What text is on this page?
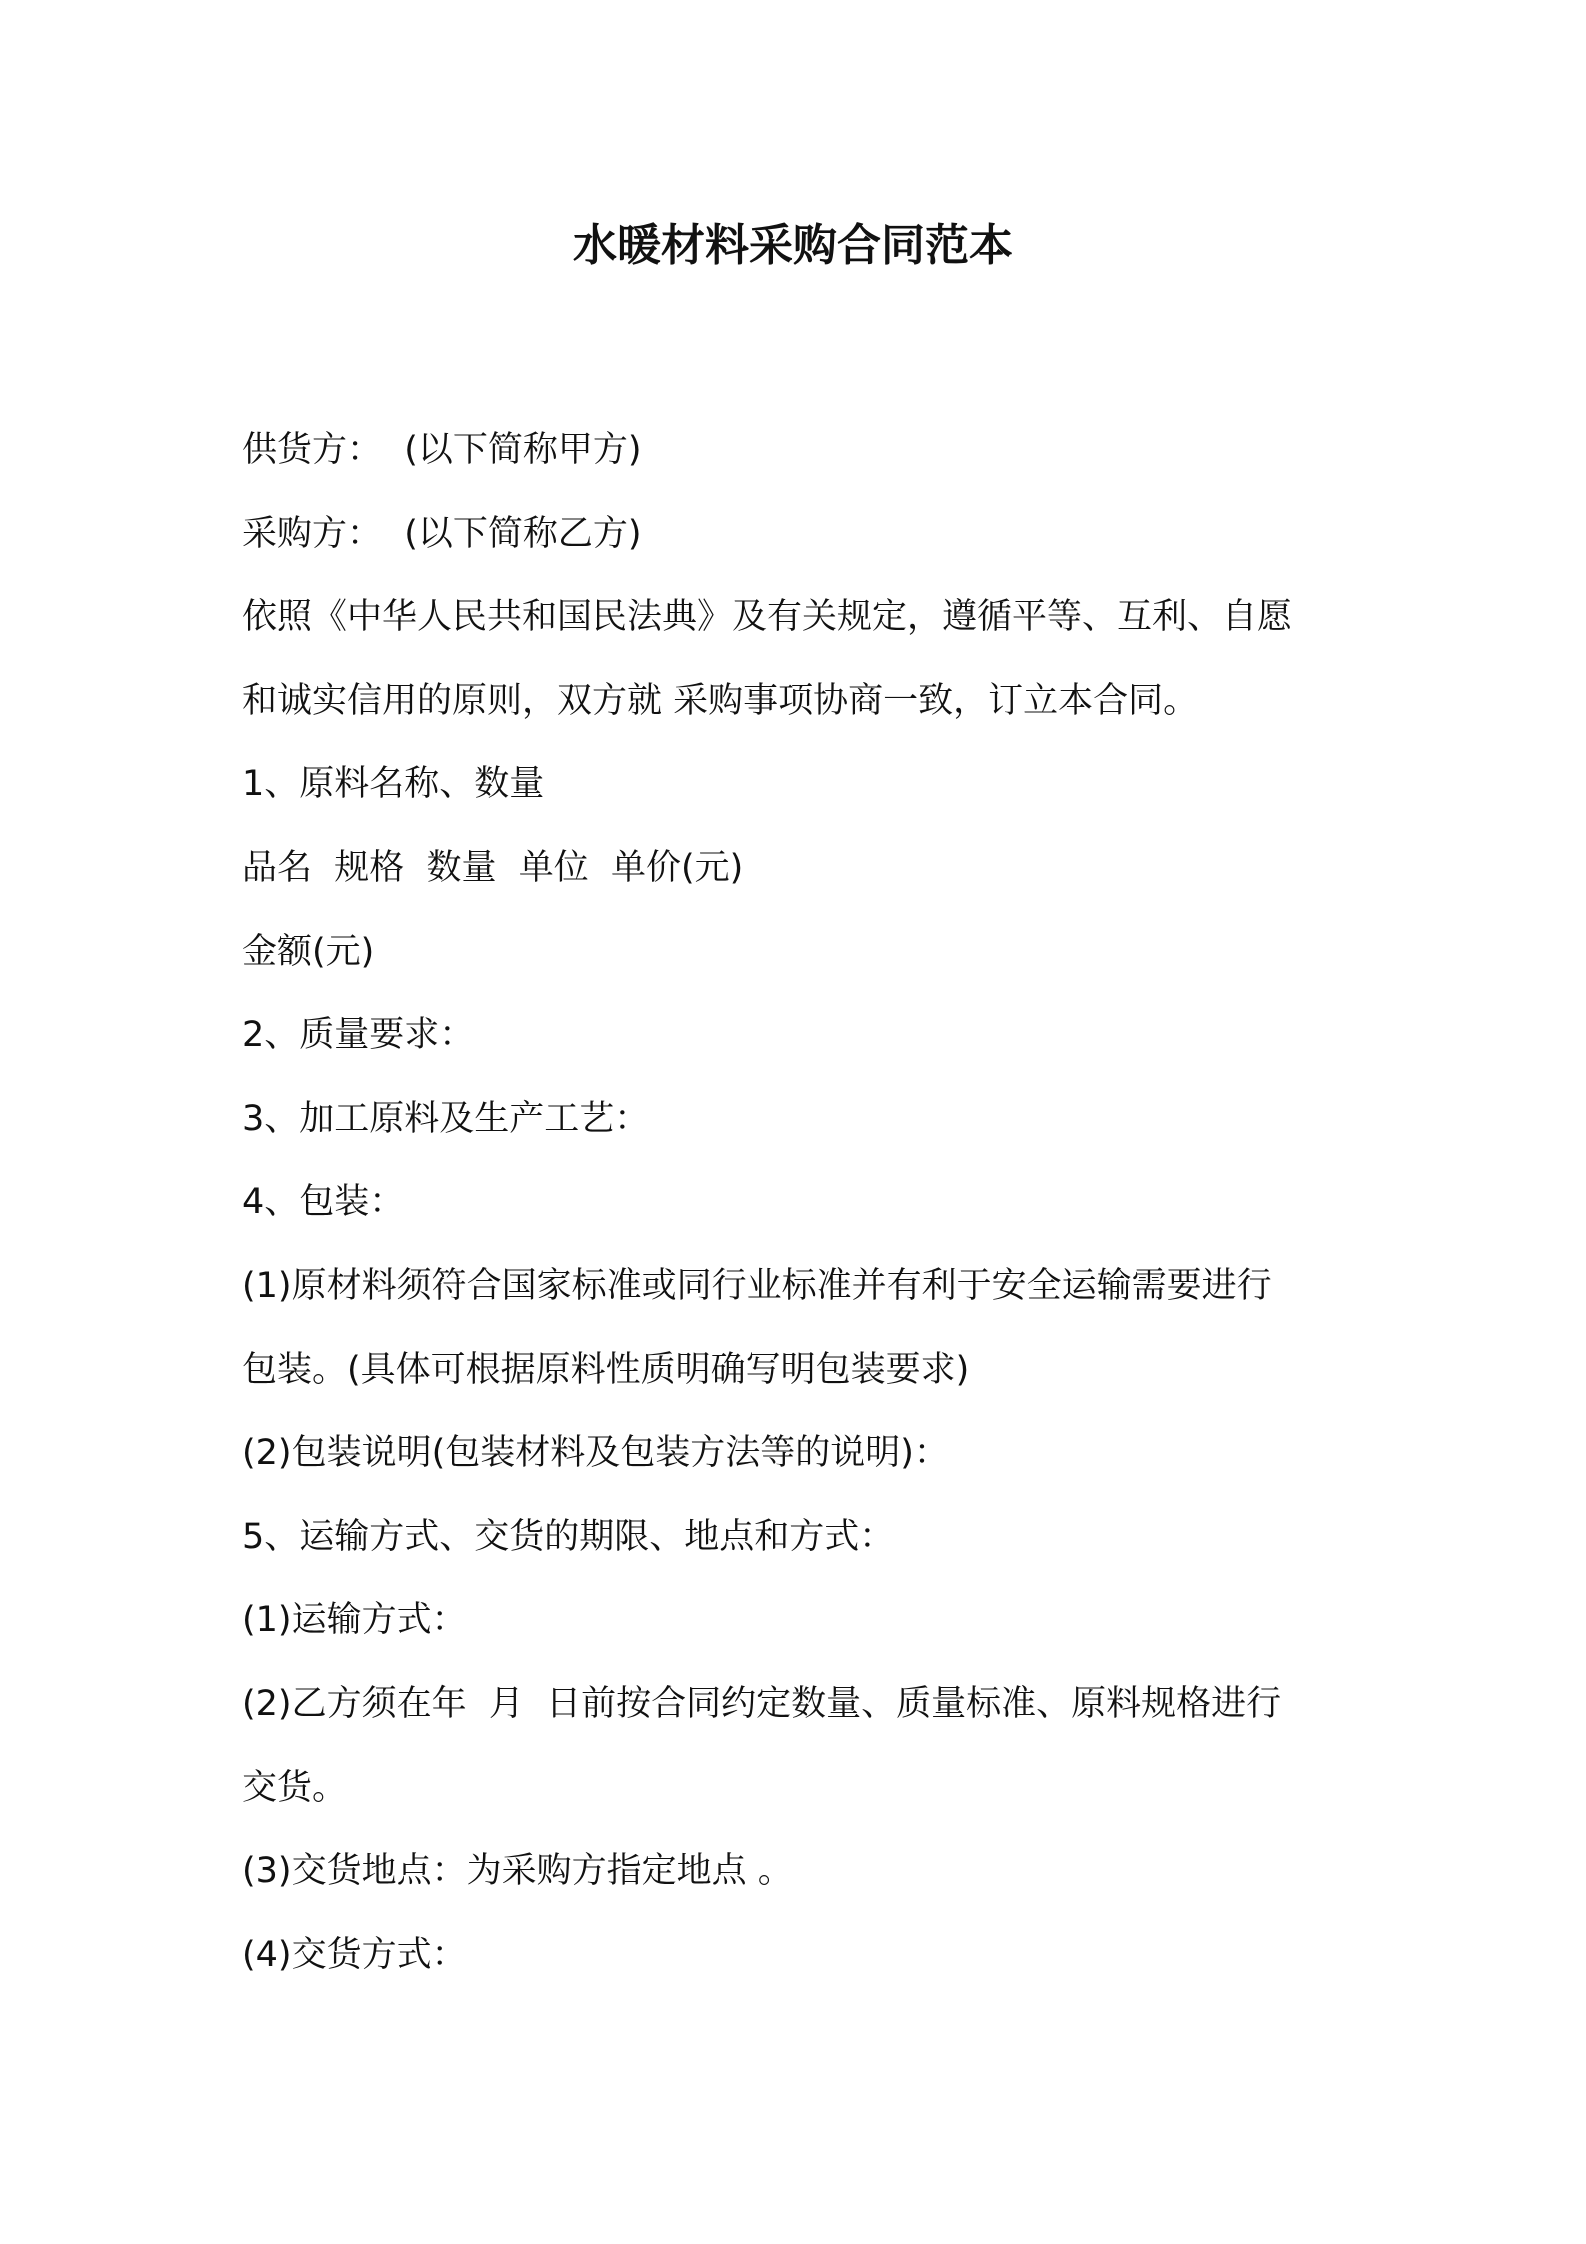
水暖材料采购合同范本

供货方：  (以下简称甲方)

采购方：  (以下简称乙方)

依照《中华人民共和国民法典》及有关规定，遵循平等、互利、自愿

和诚实信用的原则，双方就 采购事项协商一致，订立本合同。

1、原料名称、数量

品名  规格  数量  单位  单价(元)

金额(元)

2、质量要求：

3、加工原料及生产工艺：

4、包装：

(1)原材料须符合国家标准或同行业标准并有利于安全运输需要进行

包装。(具体可根据原料性质明确写明包装要求)

(2)包装说明(包装材料及包装方法等的说明)：

5、运输方式、交货的期限、地点和方式：

(1)运输方式：

(2)乙方须在年  月  日前按合同约定数量、质量标准、原料规格进行

交货。

(3)交货地点：为采购方指定地点 。

(4)交货方式：
